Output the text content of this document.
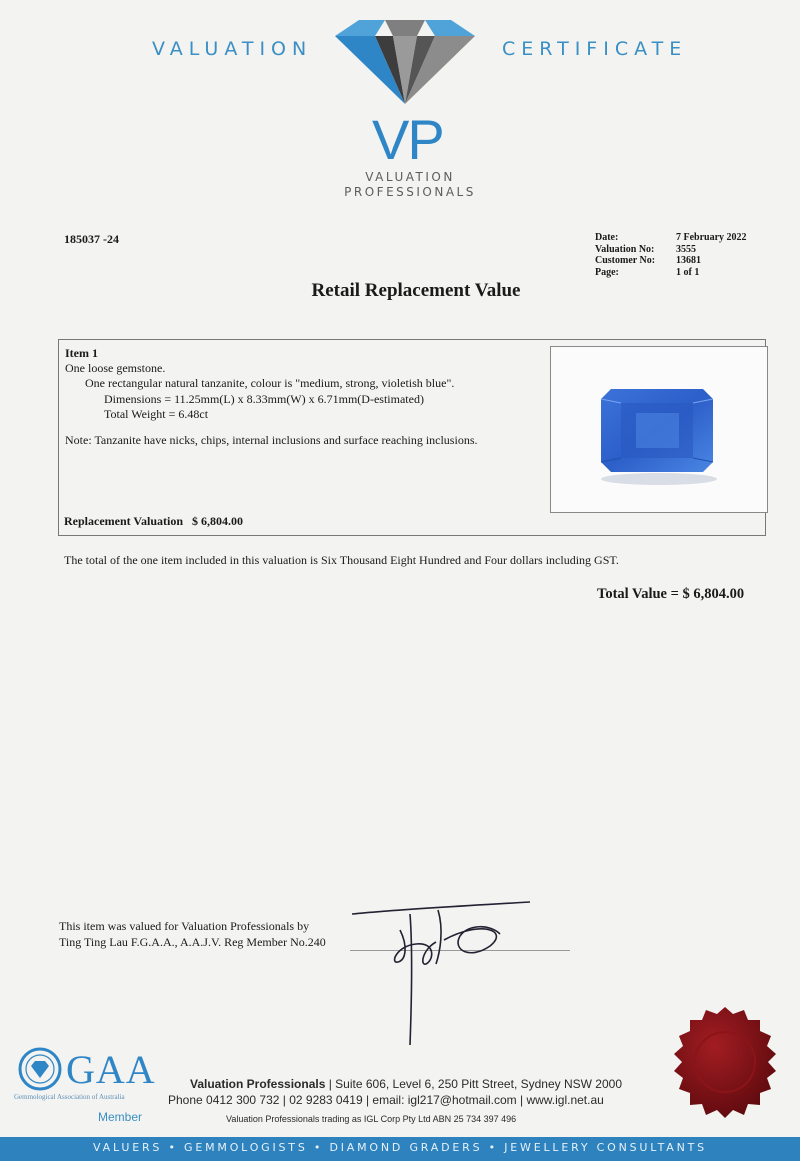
VALUATION	CERTIFICATE
VP
VALUATION
PROFESSIONALS
185037 -24	Date:	7 February 2022
Valuation No:	3555
Customer No:	13681
Page:	1 of 1
Retail Replacement Value
Item 1
One loose gemstone.
One rectangular natural tanzanite, colour is "medium, strong, violetish blue".
Dimensions = 11.25mm(L) x 8.33mm(W) x 6.71mm(D-estimated)
Total Weight = 6.48ct
Note: Tanzanite have nicks, chips, internal inclusions and surface reaching inclusions.
Replacement Valuation $ 6,804.00
The total of the one item included in this valuation is Six Thousand Eight Hundred and Four dollars including GST.
Total Value = $ 6,804.00
This item was valued for Valuation Professionals by
Ting Ting Lau F.G.A.A., A.A.J.V. Reg Member No.240
GAA
Gemmological Association of Australia
Member
Valuation Professionals | Suite 606, Level 6, 250 Pitt Street, Sydney NSW 2000
Phone 0412 300 732 | 02 9283 0419 | email: igl217@hotmail.com | www.igl.net.au
Valuation Professionals trading as IGL Corp Pty Ltd ABN 25 734 397 496
VALUERS • GEMMOLOGISTS • DIAMOND GRADERS • JEWELLERY CONSULTANTS
